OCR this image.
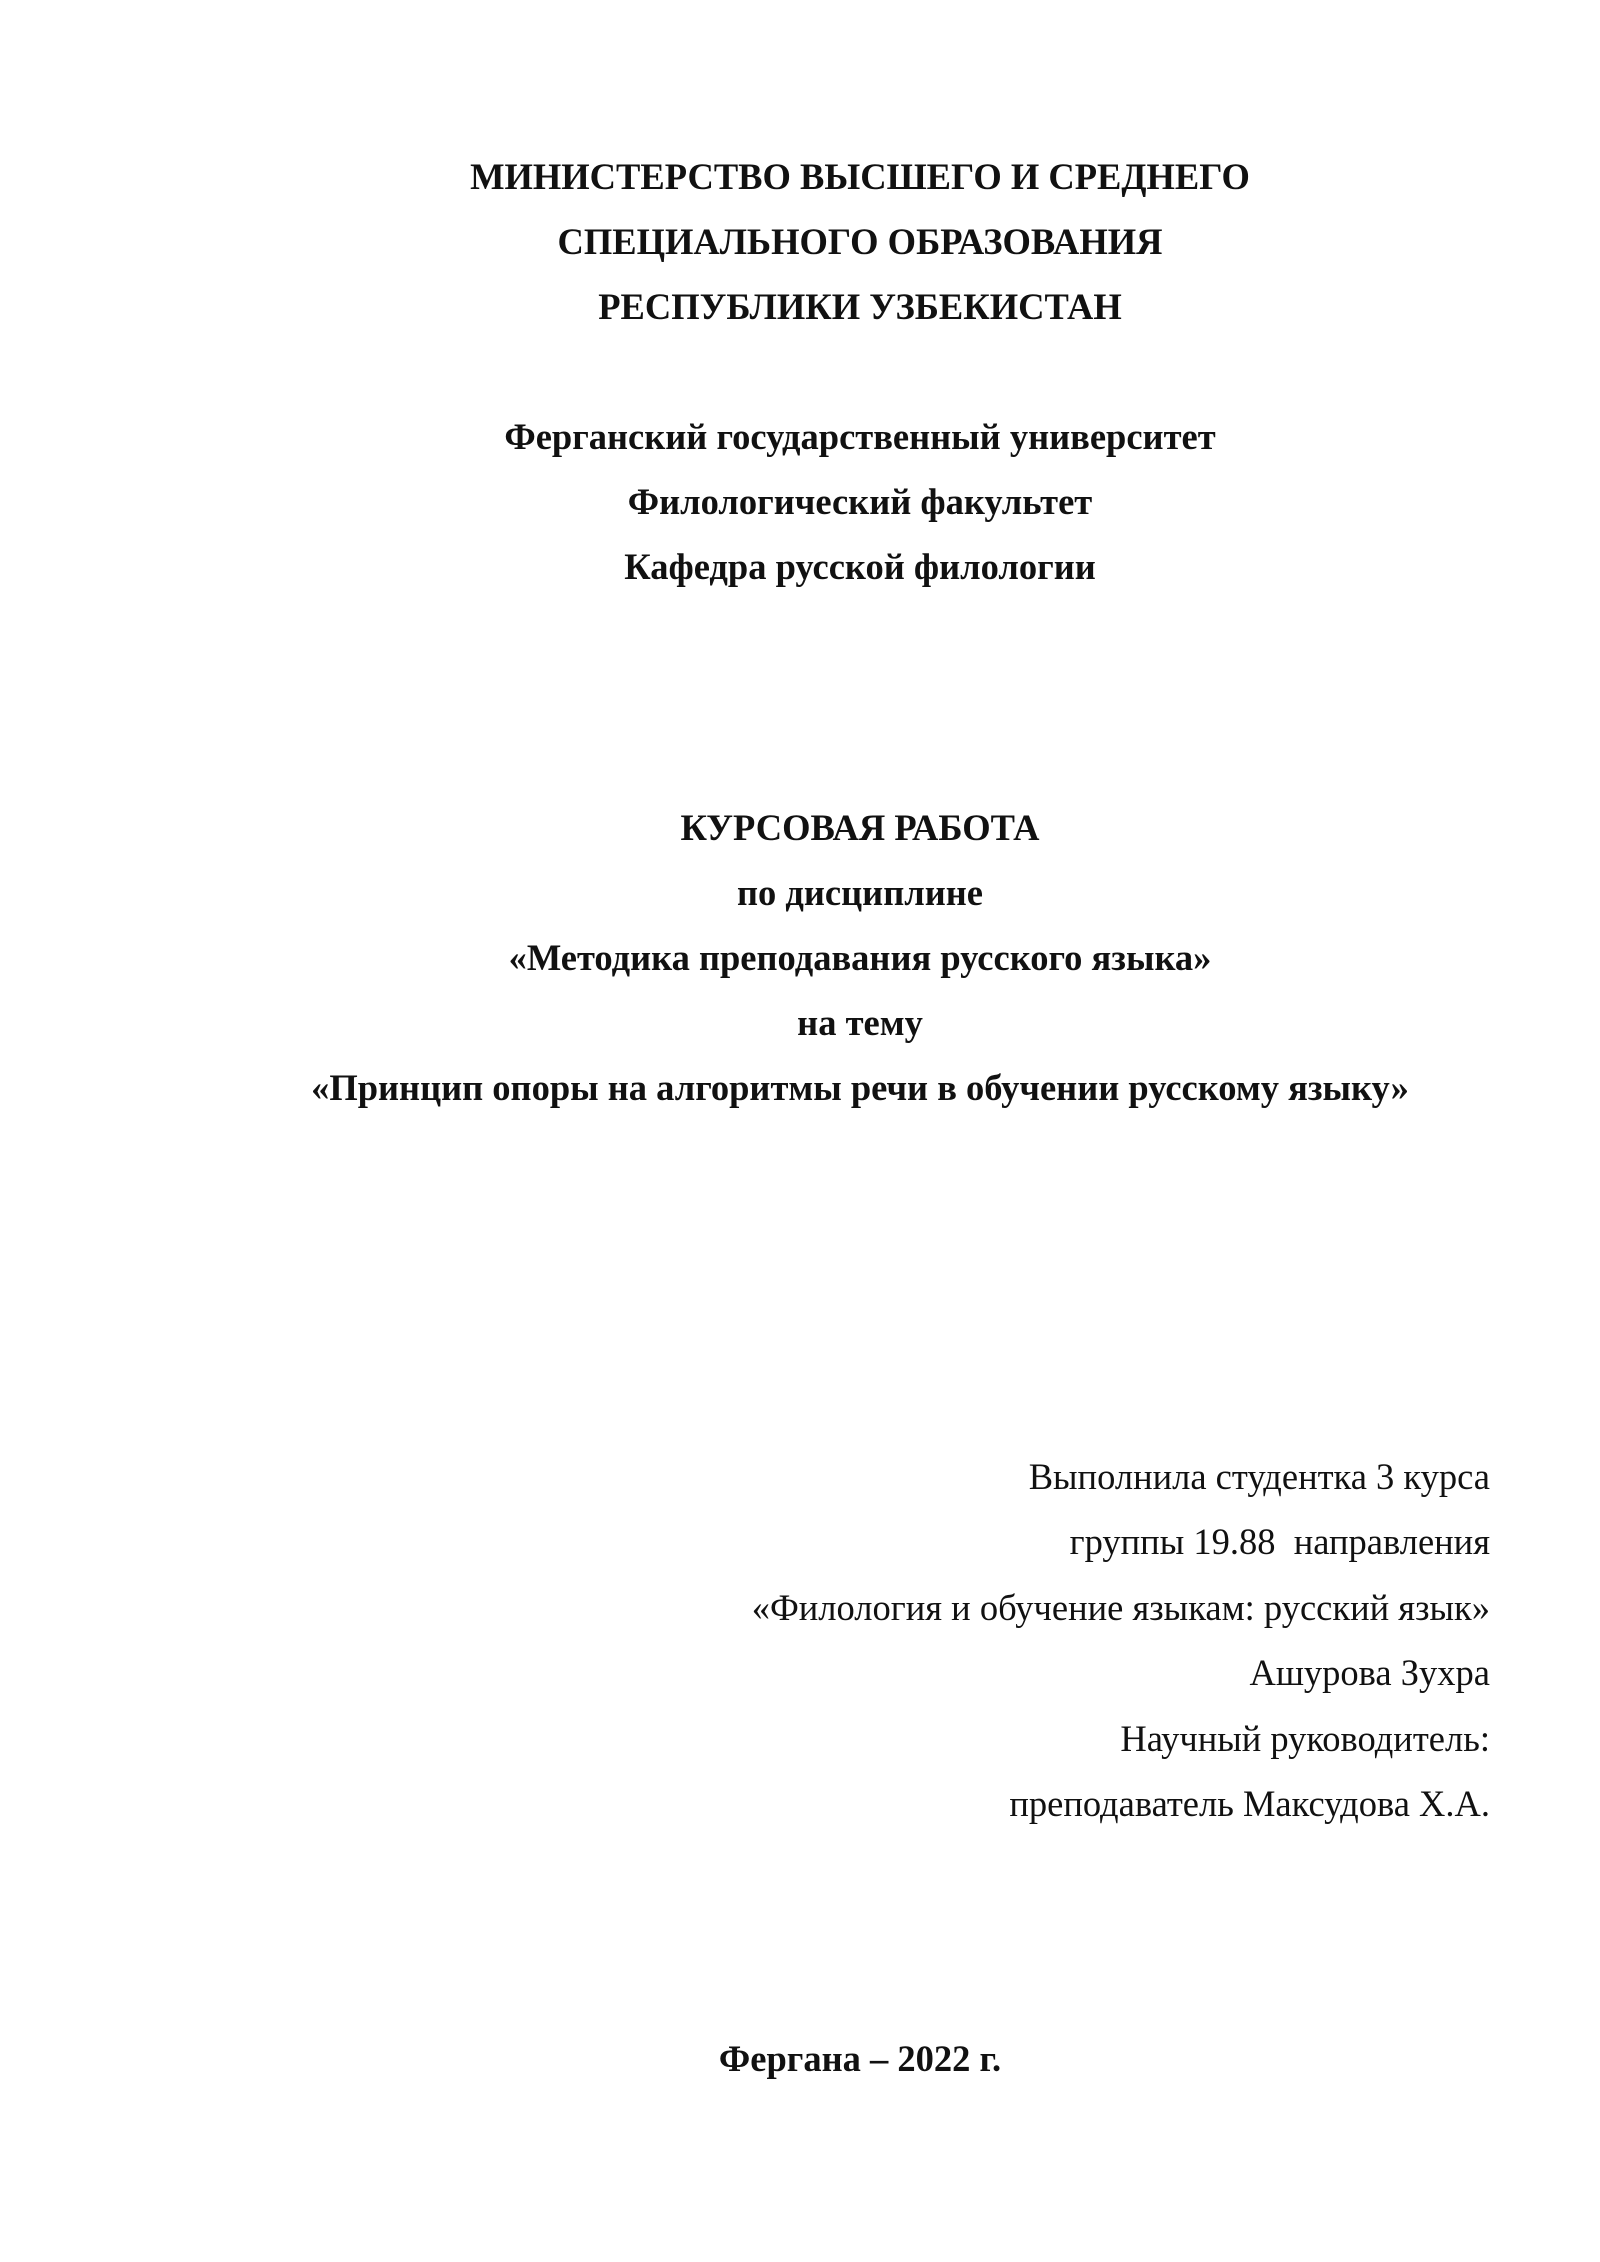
МИНИСТЕРСТВО ВЫСШЕГО И СРЕДНЕГО
СПЕЦИАЛЬНОГО ОБРАЗОВАНИЯ
РЕСПУБЛИКИ УЗБЕКИСТАН
Ферганский государственный университет
Филологический факультет
Кафедра русской филологии
КУРСОВАЯ РАБОТА
по дисциплине
«Методика преподавания русского языка»
на тему
«Принцип опоры на алгоритмы речи в обучении русскому языку»
Выполнила студентка 3 курса
группы 19.88  направления
«Филология и обучение языкам: русский язык»
Ашурова Зухра
Научный руководитель:
преподаватель Максудова Х.А.
Фергана – 2022 г.
